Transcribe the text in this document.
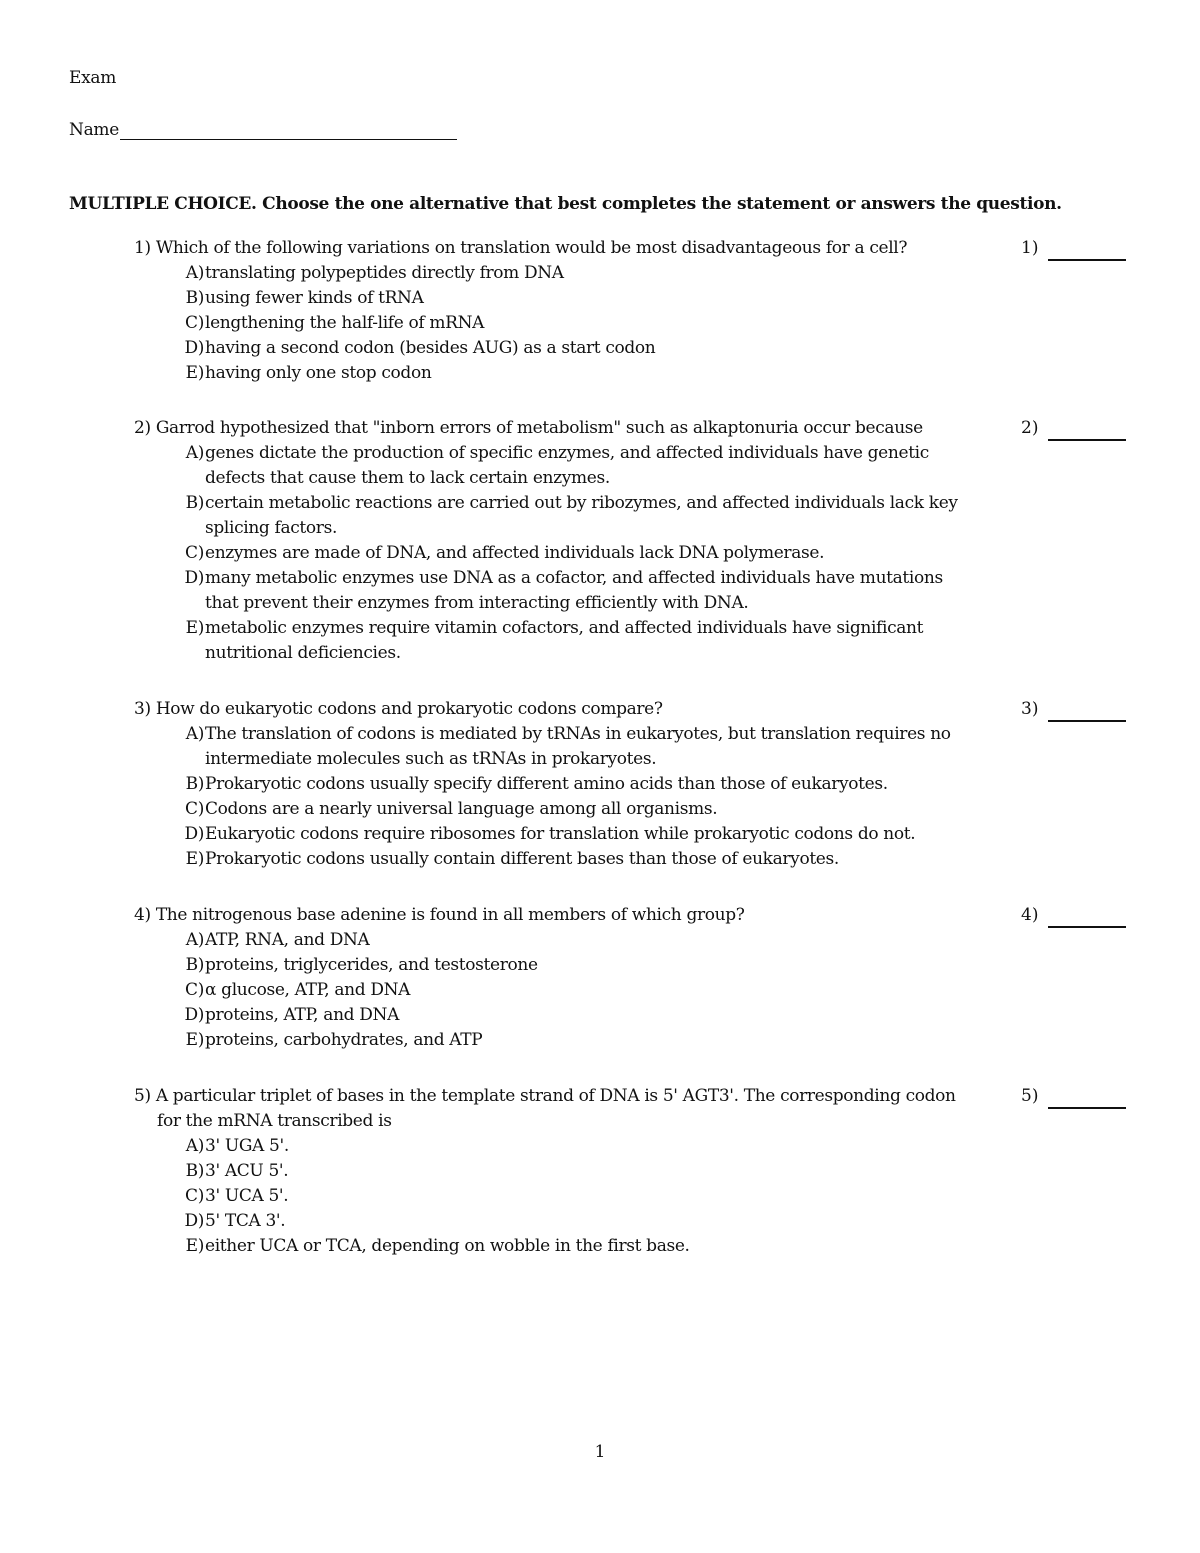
Exam
Name
MULTIPLE CHOICE. Choose the one alternative that best completes the statement or answers the question.
1)
1) Which of the following variations on translation would be most disadvantageous for a cell?
A) translating polypeptides directly from DNA
B) using fewer kinds of tRNA
C) lengthening the half-life of mRNA
D) having a second codon (besides AUG) as a start codon
E) having only one stop codon
2)
2) Garrod hypothesized that "inborn errors of metabolism" such as alkaptonuria occur because
A) genes dictate the production of specific enzymes, and affected individuals have genetic defects that cause them to lack certain enzymes.
B) certain metabolic reactions are carried out by ribozymes, and affected individuals lack key splicing factors.
C) enzymes are made of DNA, and affected individuals lack DNA polymerase.
D) many metabolic enzymes use DNA as a cofactor, and affected individuals have mutations that prevent their enzymes from interacting efficiently with DNA.
E) metabolic enzymes require vitamin cofactors, and affected individuals have significant nutritional deficiencies.
3)
3) How do eukaryotic codons and prokaryotic codons compare?
A) The translation of codons is mediated by tRNAs in eukaryotes, but translation requires no intermediate molecules such as tRNAs in prokaryotes.
B) Prokaryotic codons usually specify different amino acids than those of eukaryotes.
C) Codons are a nearly universal language among all organisms.
D) Eukaryotic codons require ribosomes for translation while prokaryotic codons do not.
E) Prokaryotic codons usually contain different bases than those of eukaryotes.
4)
4) The nitrogenous base adenine is found in all members of which group?
A) ATP, RNA, and DNA
B) proteins, triglycerides, and testosterone
C) α glucose, ATP, and DNA
D) proteins, ATP, and DNA
E) proteins, carbohydrates, and ATP
5)
5) A particular triplet of bases in the template strand of DNA is 5' AGT3'. The corresponding codon
for the mRNA transcribed is
A) 3' UGA 5'.
B) 3' ACU 5'.
C) 3' UCA 5'.
D) 5' TCA 3'.
E) either UCA or TCA, depending on wobble in the first base.
1
